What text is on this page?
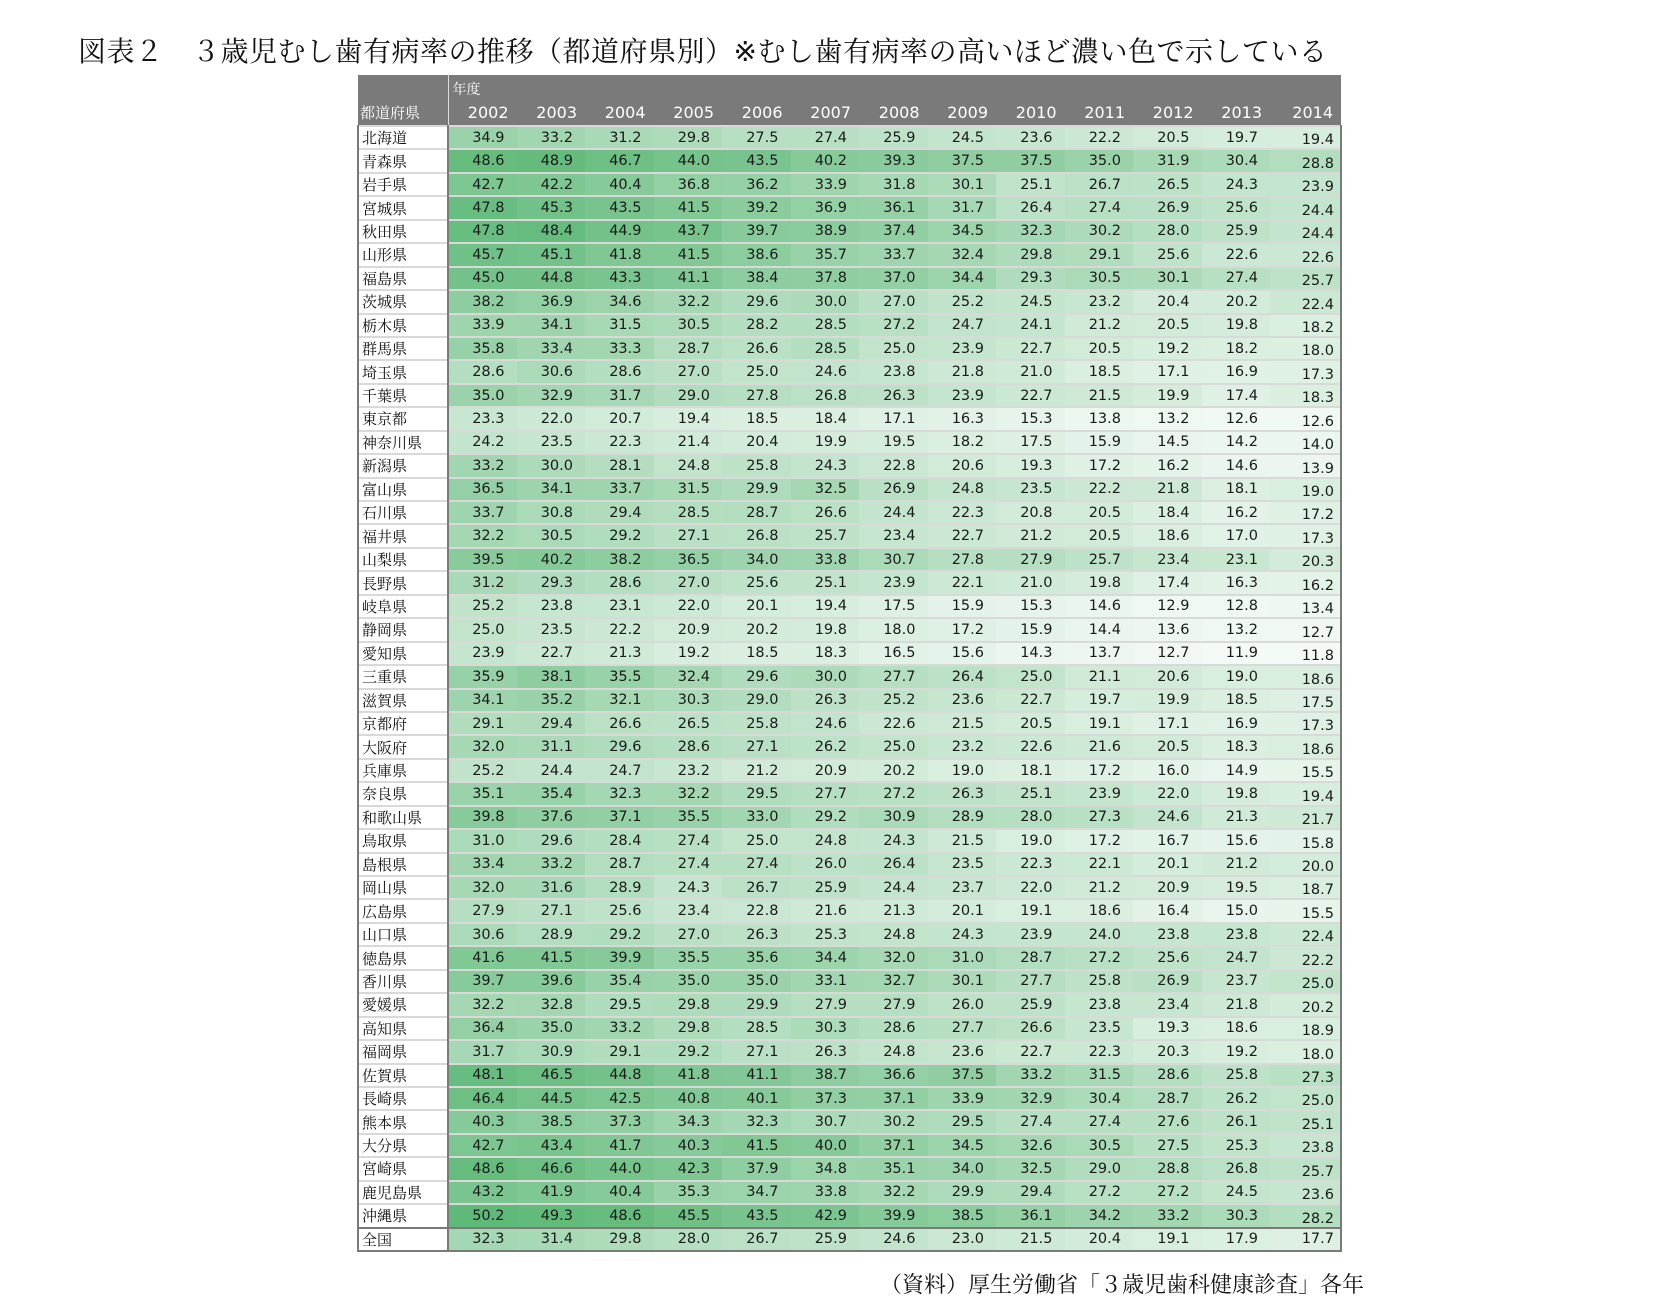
図表２　３歳児むし歯有病率の推移（都道府県別）※むし歯有病率の高いほど濃い色で示している
	年度												
都道府県	2002	2003	2004	2005	2006	2007	2008	2009	2010	2011	2012	2013	2014
北海道	34.9	33.2	31.2	29.8	27.5	27.4	25.9	24.5	23.6	22.2	20.5	19.7	19.4
青森県	48.6	48.9	46.7	44.0	43.5	40.2	39.3	37.5	37.5	35.0	31.9	30.4	28.8
岩手県	42.7	42.2	40.4	36.8	36.2	33.9	31.8	30.1	25.1	26.7	26.5	24.3	23.9
宮城県	47.8	45.3	43.5	41.5	39.2	36.9	36.1	31.7	26.4	27.4	26.9	25.6	24.4
秋田県	47.8	48.4	44.9	43.7	39.7	38.9	37.4	34.5	32.3	30.2	28.0	25.9	24.4
山形県	45.7	45.1	41.8	41.5	38.6	35.7	33.7	32.4	29.8	29.1	25.6	22.6	22.6
福島県	45.0	44.8	43.3	41.1	38.4	37.8	37.0	34.4	29.3	30.5	30.1	27.4	25.7
茨城県	38.2	36.9	34.6	32.2	29.6	30.0	27.0	25.2	24.5	23.2	20.4	20.2	22.4
栃木県	33.9	34.1	31.5	30.5	28.2	28.5	27.2	24.7	24.1	21.2	20.5	19.8	18.2
群馬県	35.8	33.4	33.3	28.7	26.6	28.5	25.0	23.9	22.7	20.5	19.2	18.2	18.0
埼玉県	28.6	30.6	28.6	27.0	25.0	24.6	23.8	21.8	21.0	18.5	17.1	16.9	17.3
千葉県	35.0	32.9	31.7	29.0	27.8	26.8	26.3	23.9	22.7	21.5	19.9	17.4	18.3
東京都	23.3	22.0	20.7	19.4	18.5	18.4	17.1	16.3	15.3	13.8	13.2	12.6	12.6
神奈川県	24.2	23.5	22.3	21.4	20.4	19.9	19.5	18.2	17.5	15.9	14.5	14.2	14.0
新潟県	33.2	30.0	28.1	24.8	25.8	24.3	22.8	20.6	19.3	17.2	16.2	14.6	13.9
富山県	36.5	34.1	33.7	31.5	29.9	32.5	26.9	24.8	23.5	22.2	21.8	18.1	19.0
石川県	33.7	30.8	29.4	28.5	28.7	26.6	24.4	22.3	20.8	20.5	18.4	16.2	17.2
福井県	32.2	30.5	29.2	27.1	26.8	25.7	23.4	22.7	21.2	20.5	18.6	17.0	17.3
山梨県	39.5	40.2	38.2	36.5	34.0	33.8	30.7	27.8	27.9	25.7	23.4	23.1	20.3
長野県	31.2	29.3	28.6	27.0	25.6	25.1	23.9	22.1	21.0	19.8	17.4	16.3	16.2
岐阜県	25.2	23.8	23.1	22.0	20.1	19.4	17.5	15.9	15.3	14.6	12.9	12.8	13.4
静岡県	25.0	23.5	22.2	20.9	20.2	19.8	18.0	17.2	15.9	14.4	13.6	13.2	12.7
愛知県	23.9	22.7	21.3	19.2	18.5	18.3	16.5	15.6	14.3	13.7	12.7	11.9	11.8
三重県	35.9	38.1	35.5	32.4	29.6	30.0	27.7	26.4	25.0	21.1	20.6	19.0	18.6
滋賀県	34.1	35.2	32.1	30.3	29.0	26.3	25.2	23.6	22.7	19.7	19.9	18.5	17.5
京都府	29.1	29.4	26.6	26.5	25.8	24.6	22.6	21.5	20.5	19.1	17.1	16.9	17.3
大阪府	32.0	31.1	29.6	28.6	27.1	26.2	25.0	23.2	22.6	21.6	20.5	18.3	18.6
兵庫県	25.2	24.4	24.7	23.2	21.2	20.9	20.2	19.0	18.1	17.2	16.0	14.9	15.5
奈良県	35.1	35.4	32.3	32.2	29.5	27.7	27.2	26.3	25.1	23.9	22.0	19.8	19.4
和歌山県	39.8	37.6	37.1	35.5	33.0	29.2	30.9	28.9	28.0	27.3	24.6	21.3	21.7
鳥取県	31.0	29.6	28.4	27.4	25.0	24.8	24.3	21.5	19.0	17.2	16.7	15.6	15.8
島根県	33.4	33.2	28.7	27.4	27.4	26.0	26.4	23.5	22.3	22.1	20.1	21.2	20.0
岡山県	32.0	31.6	28.9	24.3	26.7	25.9	24.4	23.7	22.0	21.2	20.9	19.5	18.7
広島県	27.9	27.1	25.6	23.4	22.8	21.6	21.3	20.1	19.1	18.6	16.4	15.0	15.5
山口県	30.6	28.9	29.2	27.0	26.3	25.3	24.8	24.3	23.9	24.0	23.8	23.8	22.4
徳島県	41.6	41.5	39.9	35.5	35.6	34.4	32.0	31.0	28.7	27.2	25.6	24.7	22.2
香川県	39.7	39.6	35.4	35.0	35.0	33.1	32.7	30.1	27.7	25.8	26.9	23.7	25.0
愛媛県	32.2	32.8	29.5	29.8	29.9	27.9	27.9	26.0	25.9	23.8	23.4	21.8	20.2
高知県	36.4	35.0	33.2	29.8	28.5	30.3	28.6	27.7	26.6	23.5	19.3	18.6	18.9
福岡県	31.7	30.9	29.1	29.2	27.1	26.3	24.8	23.6	22.7	22.3	20.3	19.2	18.0
佐賀県	48.1	46.5	44.8	41.8	41.1	38.7	36.6	37.5	33.2	31.5	28.6	25.8	27.3
長崎県	46.4	44.5	42.5	40.8	40.1	37.3	37.1	33.9	32.9	30.4	28.7	26.2	25.0
熊本県	40.3	38.5	37.3	34.3	32.3	30.7	30.2	29.5	27.4	27.4	27.6	26.1	25.1
大分県	42.7	43.4	41.7	40.3	41.5	40.0	37.1	34.5	32.6	30.5	27.5	25.3	23.8
宮崎県	48.6	46.6	44.0	42.3	37.9	34.8	35.1	34.0	32.5	29.0	28.8	26.8	25.7
鹿児島県	43.2	41.9	40.4	35.3	34.7	33.8	32.2	29.9	29.4	27.2	27.2	24.5	23.6
沖縄県	50.2	49.3	48.6	45.5	43.5	42.9	39.9	38.5	36.1	34.2	33.2	30.3	28.2
全国	32.3	31.4	29.8	28.0	26.7	25.9	24.6	23.0	21.5	20.4	19.1	17.9	17.7
（資料）厚生労働省「３歳児歯科健康診査」各年
